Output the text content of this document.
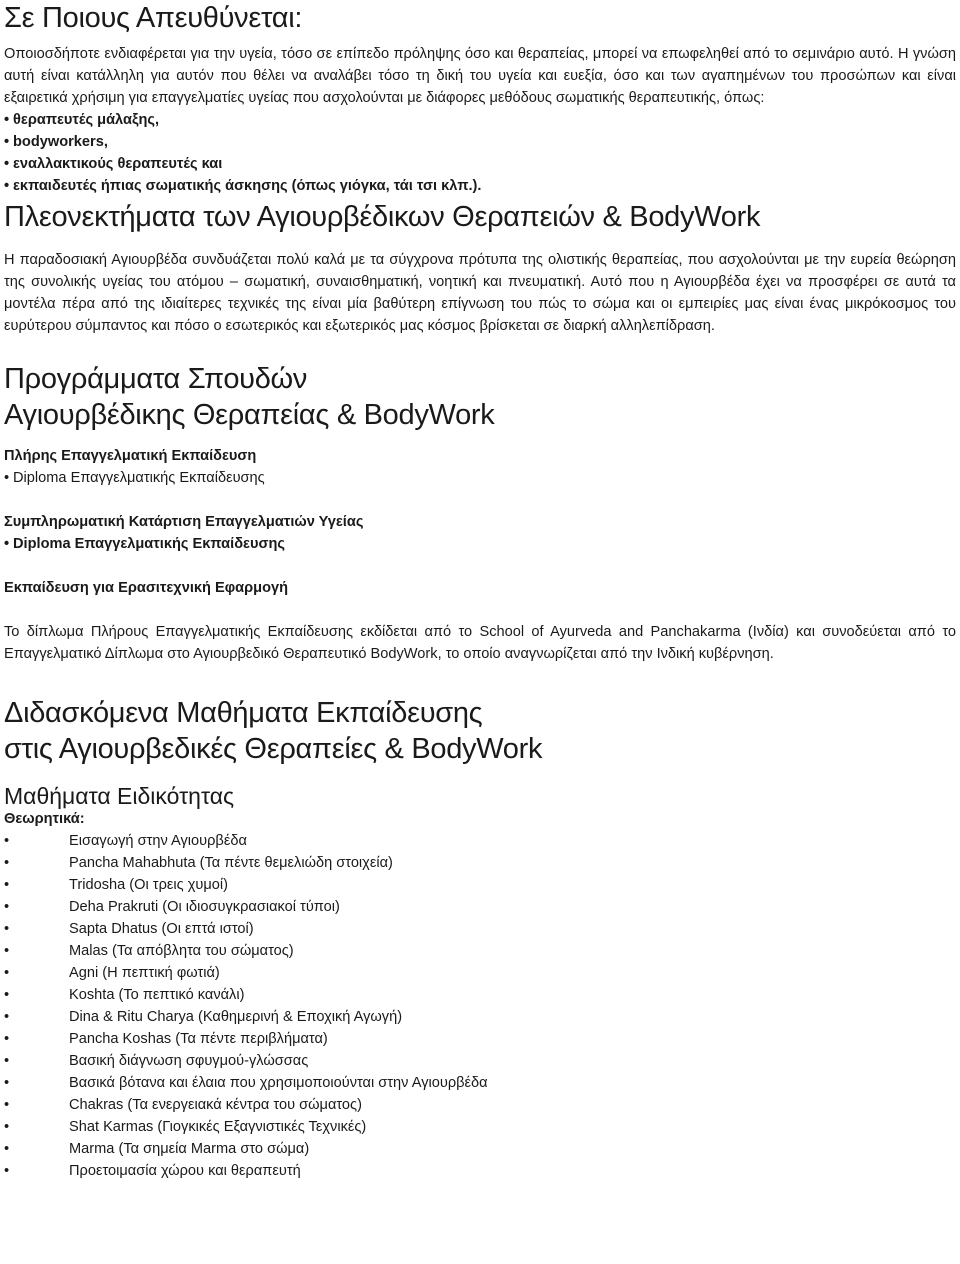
Σε Ποιους Απευθύνεται:

Οποιοσδήποτε ενδιαφέρεται για την υγεία, τόσο σε επίπεδο πρόληψης όσο και θεραπείας, μπορεί να επωφεληθεί από το σεμινάριο αυτό. Η γνώση αυτή είναι κατάλληλη για αυτόν που θέλει να αναλάβει τόσο τη δική του υγεία και ευεξία, όσο και των αγαπημένων του προσώπων και είναι εξαιρετικά χρήσιμη για επαγγελματίες υγείας που ασχολούνται με διάφορες μεθόδους σωματικής θεραπευτικής, όπως:

• θεραπευτές μάλαξης,
• bodyworkers,
• εναλλακτικούς θεραπευτές και
• εκπαιδευτές ήπιας σωματικής άσκησης (όπως γιόγκα, τάι τσι κλπ.).
Πλεονεκτήματα των Αγιουρβέδικων Θεραπειών & BodyWork

Η παραδοσιακή Αγιουρβέδα συνδυάζεται πολύ καλά με τα σύγχρονα πρότυπα της ολιστικής θεραπείας, που ασχολούνται με την ευρεία θεώρηση της συνολικής υγείας του ατόμου – σωματική, συναισθηματική, νοητική και πνευματική. Αυτό που η Αγιουρβέδα έχει να προσφέρει σε αυτά τα μοντέλα πέρα από της ιδιαίτερες τεχνικές της είναι μία βαθύτερη επίγνωση του πώς το σώμα και οι εμπειρίες μας είναι ένας μικρόκοσμος του ευρύτερου σύμπαντος και πόσο ο εσωτερικός και εξωτερικός μας κόσμος βρίσκεται σε διαρκή αλληλεπίδραση.

Προγράμματα Σπουδών
Αγιουρβέδικης Θεραπείας & BodyWork

Πλήρης Επαγγελματική Εκπαίδευση

• Diploma Επαγγελματικής Εκπαίδευσης

Συμπληρωματική Κατάρτιση Επαγγελματιών Υγείας

• Diploma Επαγγελματικής Εκπαίδευσης

Εκπαίδευση για Ερασιτεχνική Εφαρμογή

Το δίπλωμα Πλήρους Επαγγελματικής Εκπαίδευσης εκδίδεται από το School of Ayurveda and Panchakarma (Ινδία) και συνοδεύεται από το Επαγγελματικό Δίπλωμα στο Αγιουρβεδικό Θεραπευτικό BodyWork, το οποίο αναγνωρίζεται από την Ινδική κυβέρνηση.

Διδασκόμενα Μαθήματα Εκπαίδευσης
στις Αγιουρβεδικές Θεραπείες & BodyWork
Μαθήματα Ειδικότητας

Θεωρητικά:

• Εισαγωγή στην Αγιουρβέδα
• Pancha Mahabhuta (Τα πέντε θεμελιώδη στοιχεία)
• Tridosha (Οι τρεις χυμοί)
• Deha Prakruti (Οι ιδιοσυγκρασιακοί τύποι)
• Sapta Dhatus (Οι επτά ιστοί)
• Malas (Τα απόβλητα του σώματος)
• Agni (Η πεπτική φωτιά)
• Koshta (Το πεπτικό κανάλι)
• Dina & Ritu Charya (Καθημερινή & Εποχική Αγωγή)
• Pancha Koshas (Τα πέντε περιβλήματα)
• Βασική διάγνωση σφυγμού-γλώσσας
• Βασικά βότανα και έλαια που χρησιμοποιούνται στην Αγιουρβέδα
• Chakras (Τα ενεργειακά κέντρα του σώματος)
• Shat Karmas (Γιογκικές Εξαγνιστικές Τεχνικές)
• Marma (Τα σημεία Marma στο σώμα)
• Προετοιμασία χώρου και θεραπευτή
